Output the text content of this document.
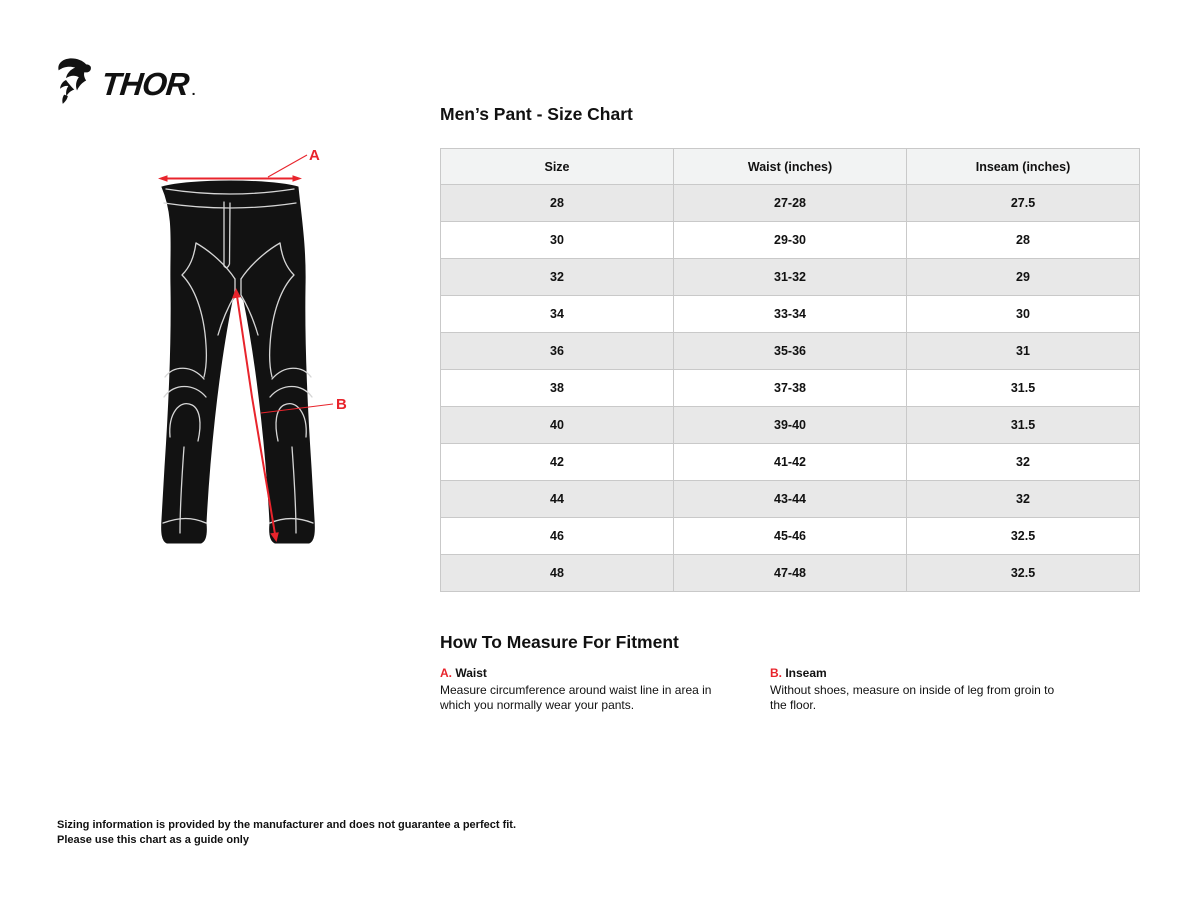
THOR .
A
B
Men’s Pant - Size Chart
Size	Waist (inches)	Inseam (inches)
28	27-28	27.5
30	29-30	28
32	31-32	29
34	33-34	30
36	35-36	31
38	37-38	31.5
40	39-40	31.5
42	41-42	32
44	43-44	32
46	45-46	32.5
48	47-48	32.5
How To Measure For Fitment
A. Waist

Measure circumference around waist line in area in which you normally wear your pants.

B. Inseam

Without shoes, measure on inside of leg from groin to the floor.

Sizing information is provided by the manufacturer and does not guarantee a perfect fit.
Please use this chart as a guide only
